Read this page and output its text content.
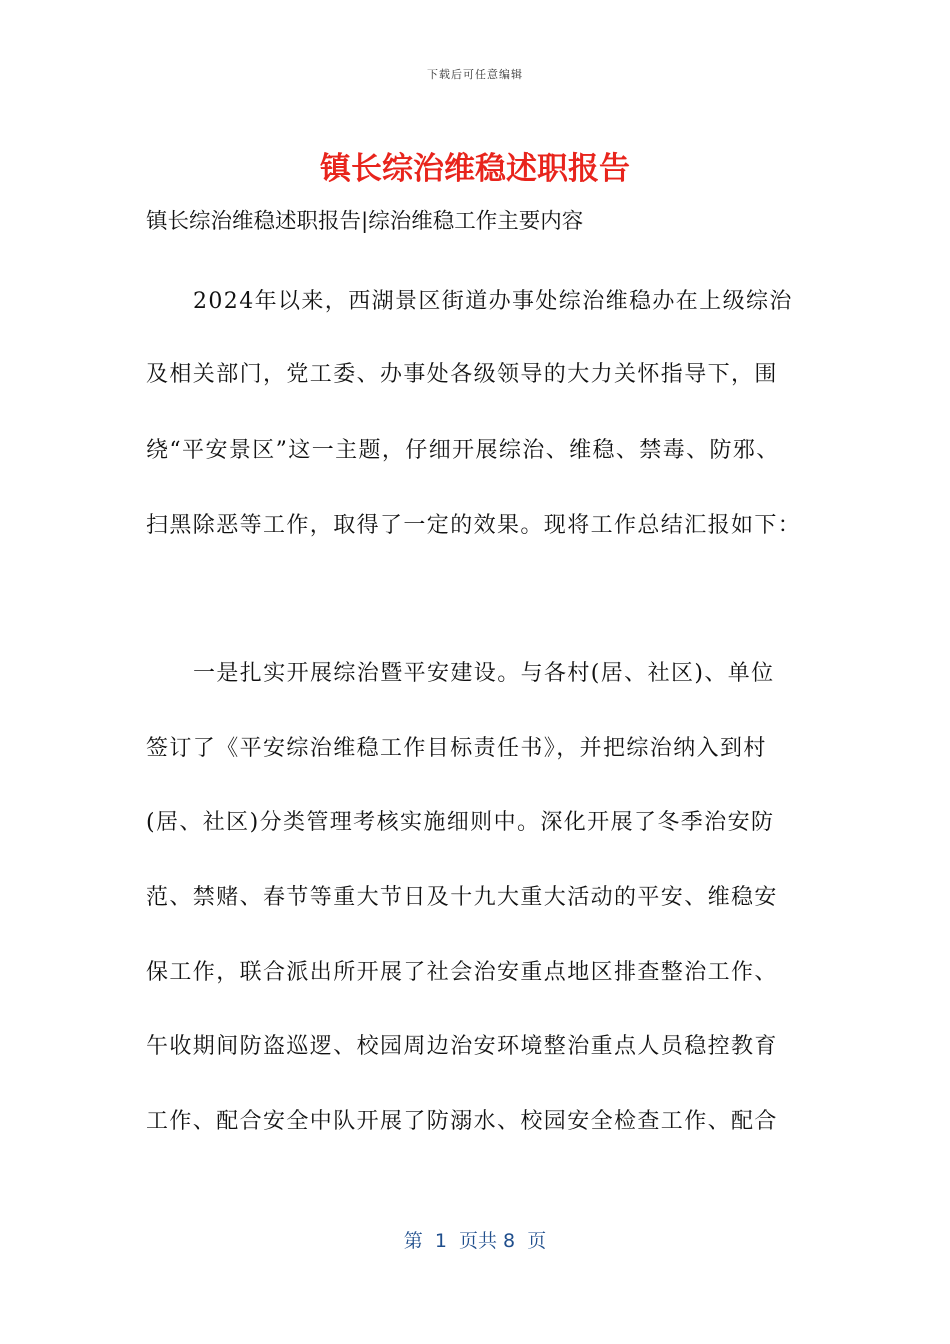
下载后可任意编辑
镇长综治维稳述职报告
镇长综治维稳述职报告|综治维稳工作主要内容
2024年以来，西湖景区街道办事处综治维稳办在上级综治
及相关部门，党工委、办事处各级领导的大力关怀指导下，围
绕“平安景区”这一主题，仔细开展综治、维稳、禁毒、防邪、
扫黑除恶等工作，取得了一定的效果。现将工作总结汇报如下：
一是扎实开展综治暨平安建设。与各村(居、社区)、单位
签订了《平安综治维稳工作目标责任书》，并把综治纳入到村
(居、社区)分类管理考核实施细则中。深化开展了冬季治安防
范、禁赌、春节等重大节日及十九大重大活动的平安、维稳安
保工作，联合派出所开展了社会治安重点地区排查整治工作、
午收期间防盗巡逻、校园周边治安环境整治重点人员稳控教育
工作、配合安全中队开展了防溺水、校园安全检查工作、配合
第  1  页共 8  页
